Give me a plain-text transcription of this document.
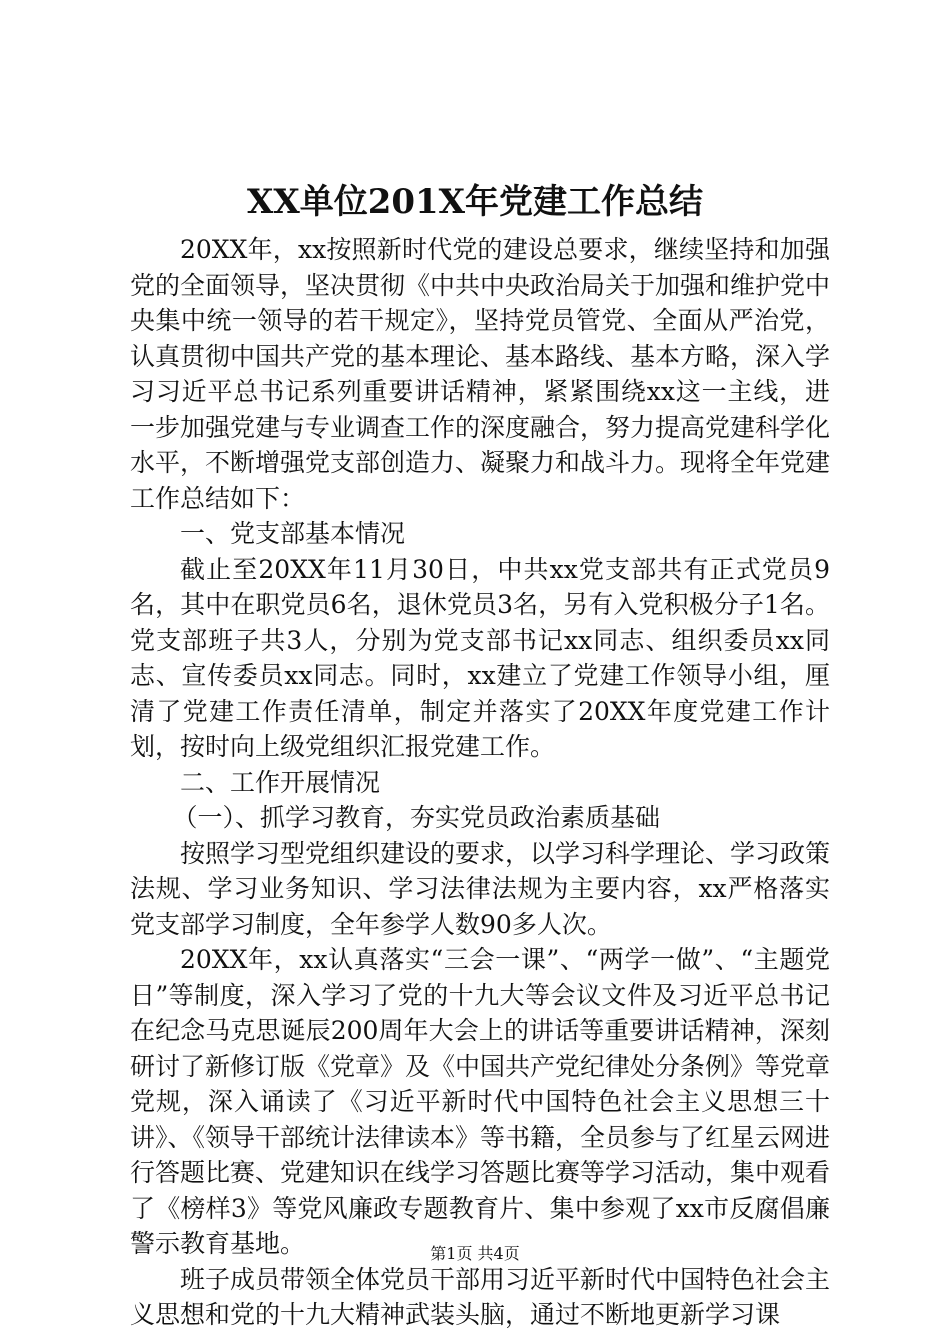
XX单位201X年党建工作总结

20XX年，xx按照新时代党的建设总要求，继续坚持和加强党的全面领导，坚决贯彻《中共中央政治局关于加强和维护党中央集中统一领导的若干规定》，坚持党员管党、全面从严治党，认真贯彻中国共产党的基本理论、基本路线、基本方略，深入学习习近平总书记系列重要讲话精神，紧紧围绕xx这一主线，进一步加强党建与专业调查工作的深度融合，努力提高党建科学化水平，不断增强党支部创造力、凝聚力和战斗力。现将全年党建工作总结如下：

一、党支部基本情况

截止至20XX年11月30日，中共xx党支部共有正式党员9名，其中在职党员6名，退休党员3名，另有入党积极分子1名。党支部班子共3人，分别为党支部书记xx同志、组织委员xx同志、宣传委员xx同志。同时，xx建立了党建工作领导小组，厘清了党建工作责任清单，制定并落实了20XX年度党建工作计划，按时向上级党组织汇报党建工作。

二、工作开展情况

（一）、抓学习教育，夯实党员政治素质基础

按照学习型党组织建设的要求，以学习科学理论、学习政策法规、学习业务知识、学习法律法规为主要内容，xx严格落实党支部学习制度，全年参学人数90多人次。

20XX年，xx认真落实“三会一课”、“两学一做”、“主题党日”等制度，深入学习了党的十九大等会议文件及习近平总书记在纪念马克思诞辰200周年大会上的讲话等重要讲话精神，深刻研讨了新修订版《党章》及《中国共产党纪律处分条例》等党章党规，深入诵读了《习近平新时代中国特色社会主义思想三十讲》、《领导干部统计法律读本》等书籍，全员参与了红星云网进行答题比赛、党建知识在线学习答题比赛等学习活动，集中观看了《榜样3》等党风廉政专题教育片、集中参观了xx市反腐倡廉警示教育基地。

班子成员带领全体党员干部用习近平新时代中国特色社会主义思想和党的十九大精神武装头脑，通过不断地更新学习课

第1页 共4页
